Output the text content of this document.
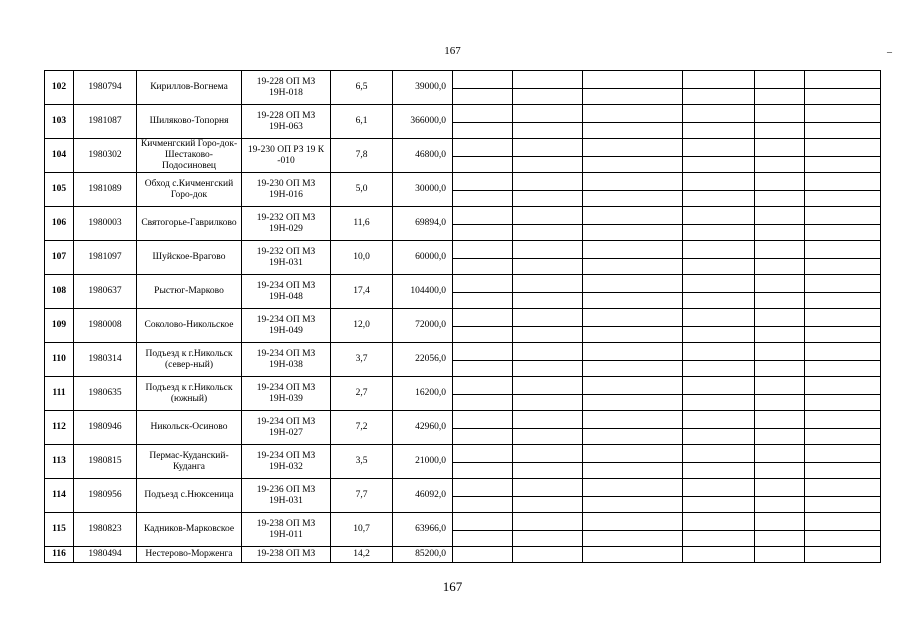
167	–
102	1980794	Кириллов-Вогнема	19-228 ОП МЗ 19Н-018	6,5	39000,0	

103	1981087	Шиляково-Топорня	19-228 ОП МЗ 19Н-063	6,1	366000,0	

104	1980302	Кичменгский Горо-док-Шестаково-Подосиновец	19-230 ОП РЗ 19 К -010	7,8	46800,0	

105	1981089	Обход с.Кичменгский Горо-док	19-230 ОП МЗ 19Н-016	5,0	30000,0	

106	1980003	Святогорье-Гаврилково	19-232 ОП МЗ 19Н-029	11,6	69894,0	

107	1981097	Шуйское-Врагово	19-232 ОП МЗ 19Н-031	10,0	60000,0	

108	1980637	Рыстюг-Марково	19-234 ОП МЗ 19Н-048	17,4	104400,0	

109	1980008	Соколово-Никольское	19-234 ОП МЗ 19Н-049	12,0	72000,0	

110	1980314	Подъезд к г.Никольск (север-ный)	19-234 ОП МЗ 19Н-038	3,7	22056,0	

111	1980635	Подъезд к г.Никольск (южный)	19-234 ОП МЗ 19Н-039	2,7	16200,0	

112	1980946	Никольск-Осиново	19-234 ОП МЗ 19Н-027	7,2	42960,0	

113	1980815	Пермас-Куданский-Куданга	19-234 ОП МЗ 19Н-032	3,5	21000,0	

114	1980956	Подъезд с.Нюксеница	19-236 ОП МЗ 19Н-031	7,7	46092,0	

115	1980823	Кадников-Марковское	19-238 ОП МЗ 19Н-011	10,7	63966,0	

116	1980494	Нестерово-Морженга	19-238 ОП МЗ	14,2	85200,0						
167
